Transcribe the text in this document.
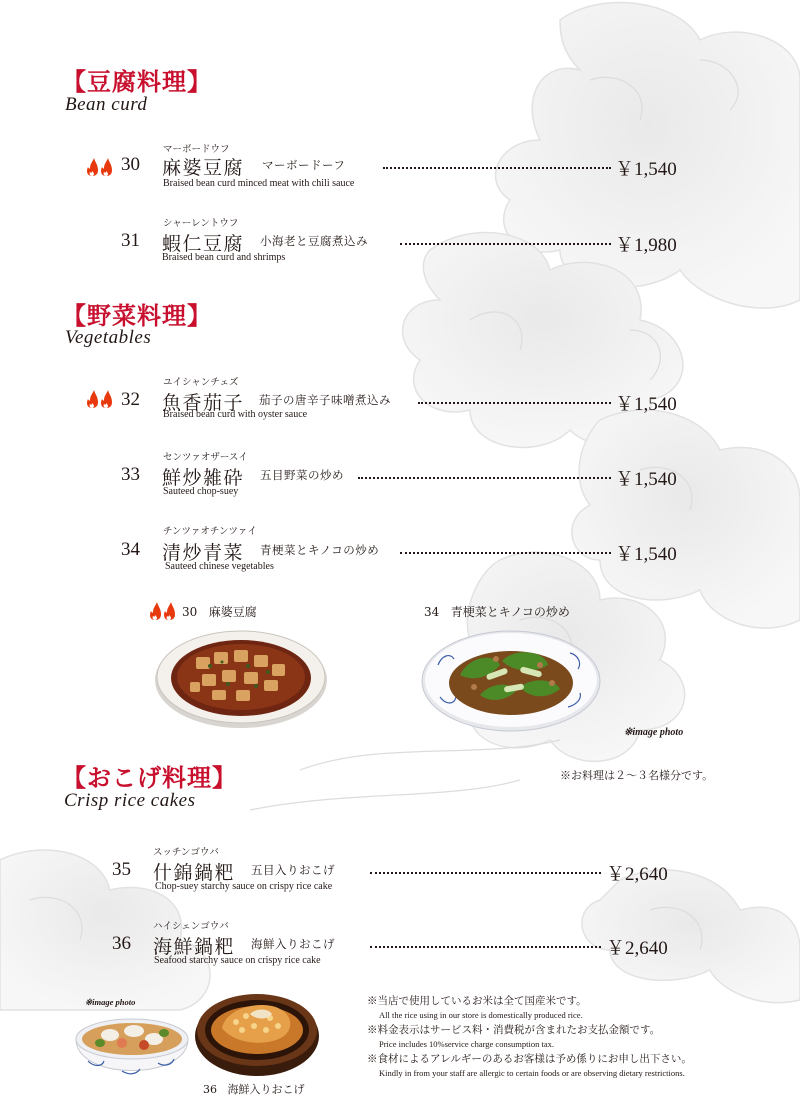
【豆腐料理】
Bean curd
30
マーボードウフ
麻婆豆腐 マーボードーフ	￥1,540
Braised bean curd minced meat with chili sauce
31
シャーレントウフ
蝦仁豆腐 小海老と豆腐煮込み	￥1,980
Braised bean curd and shrimps
【野菜料理】
Vegetables
32
ユイシャンチェズ
魚香茄子 茄子の唐辛子味噌煮込み	￥1,540
Braised bean curd with oyster sauce
33
センツァオザースイ
鮮炒雑砕 五目野菜の炒め	￥1,540
Sauteed chop-suey
34
チンツァオチンツァイ
清炒青菜 青梗菜とキノコの炒め	￥1,540
Sauteed chinese vegetables
30 麻婆豆腐	34 青梗菜とキノコの炒め
※image photo
【おこげ料理】	※お料理は２～３名様分です。
Crisp rice cakes
35
スッチンゴウバ
什錦鍋粑 五目入りおこげ	￥2,640
Chop-suey starchy sauce on crispy rice cake
36
ハイシェンゴウバ
海鮮鍋粑 海鮮入りおこげ	￥2,640
Seafood starchy sauce on crispy rice cake
※image photo
36 海鮮入りおこげ
※当店で使用しているお米は全て国産米です。
All the rice using in our store is domestically produced rice.
※料金表示はサービス料・消費税が含まれたお支払金額です。
Price includes 10%service charge consumption tax.
※食材によるアレルギーのあるお客様は予め係りにお申し出下さい。
Kindly in from your staff are allergic to certain foods or are observing dietary restrictions.
